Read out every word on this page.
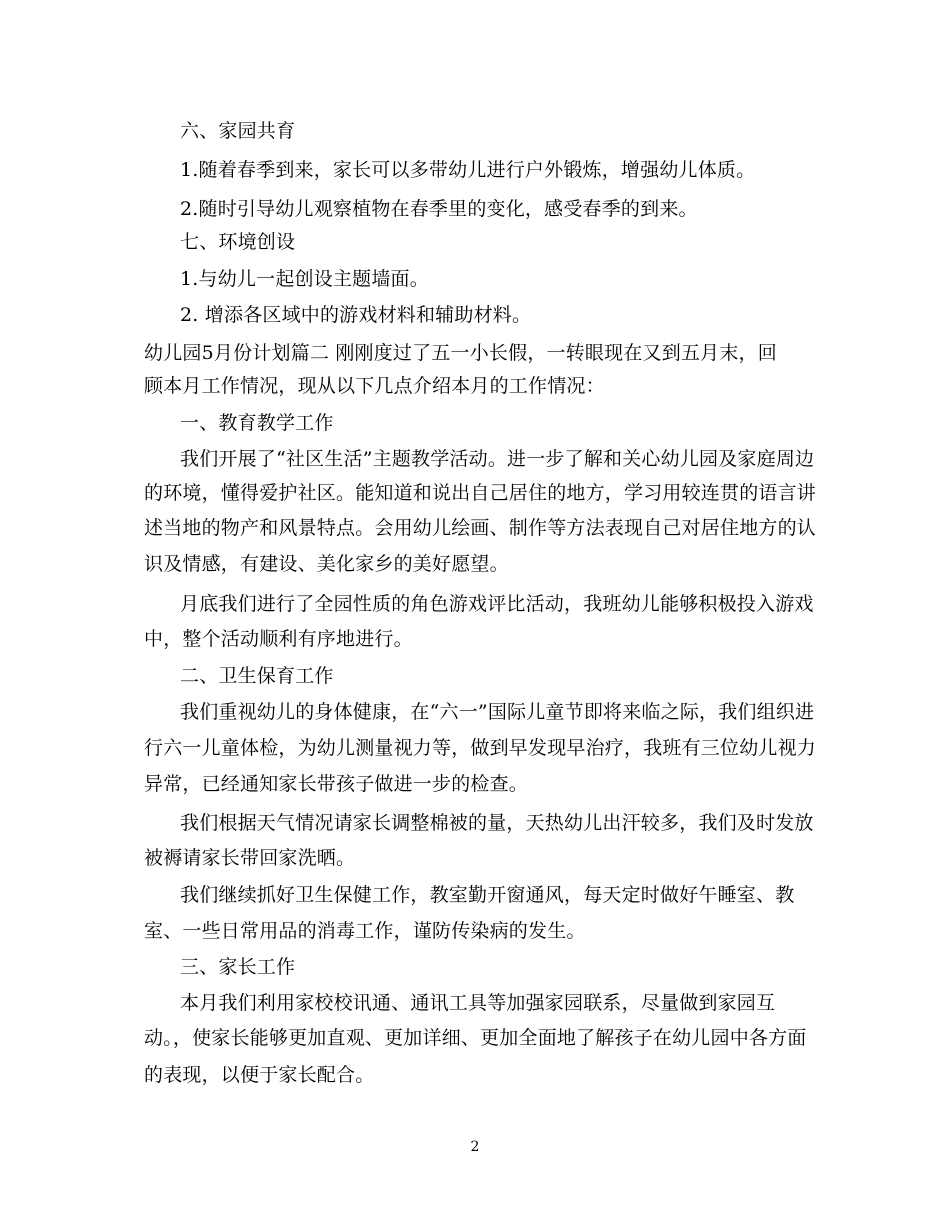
六、家园共育
1.随着春季到来，家长可以多带幼儿进行户外锻炼，增强幼儿体质。
2.随时引导幼儿观察植物在春季里的变化，感受春季的到来。
七、环境创设
1.与幼儿一起创设主题墙面。
2. 增添各区域中的游戏材料和辅助材料。
幼儿园5月份计划篇二 刚刚度过了五一小长假，一转眼现在又到五月末，回
顾本月工作情况，现从以下几点介绍本月的工作情况：
一、教育教学工作
我们开展了“社区生活”主题教学活动。进一步了解和关心幼儿园及家庭周边
的环境，懂得爱护社区。能知道和说出自己居住的地方，学习用较连贯的语言讲
述当地的物产和风景特点。会用幼儿绘画、制作等方法表现自己对居住地方的认
识及情感，有建设、美化家乡的美好愿望。
月底我们进行了全园性质的角色游戏评比活动，我班幼儿能够积极投入游戏
中，整个活动顺利有序地进行。
二、卫生保育工作
我们重视幼儿的身体健康，在“六一”国际儿童节即将来临之际，我们组织进
行六一儿童体检，为幼儿测量视力等，做到早发现早治疗，我班有三位幼儿视力
异常，已经通知家长带孩子做进一步的检查。
我们根据天气情况请家长调整棉被的量，天热幼儿出汗较多，我们及时发放
被褥请家长带回家洗晒。
我们继续抓好卫生保健工作，教室勤开窗通风，每天定时做好午睡室、教
室、一些日常用品的消毒工作，谨防传染病的发生。
三、家长工作
本月我们利用家校校讯通、通讯工具等加强家园联系，尽量做到家园互
动。，使家长能够更加直观、更加详细、更加全面地了解孩子在幼儿园中各方面
的表现，以便于家长配合。
2
